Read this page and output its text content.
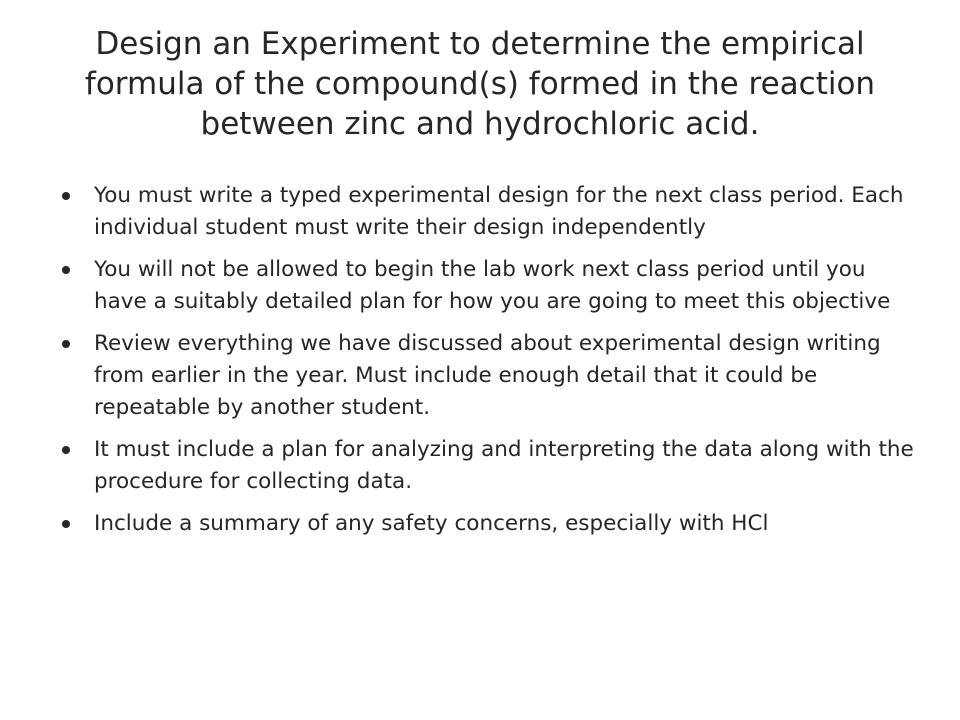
Design an Experiment to determine the empirical formula of the compound(s) formed in the reaction between zinc and hydrochloric acid.
You must write a typed experimental design for the next class period. Each individual student must write their design independently
You will not be allowed to begin the lab work next class period until you have a suitably detailed plan for how you are going to meet this objective
Review everything we have discussed about experimental design writing from earlier in the year. Must include enough detail that it could be repeatable by another student.
It must include a plan for analyzing and interpreting the data along with the procedure for collecting data.
Include a summary of any safety concerns, especially with HCl
